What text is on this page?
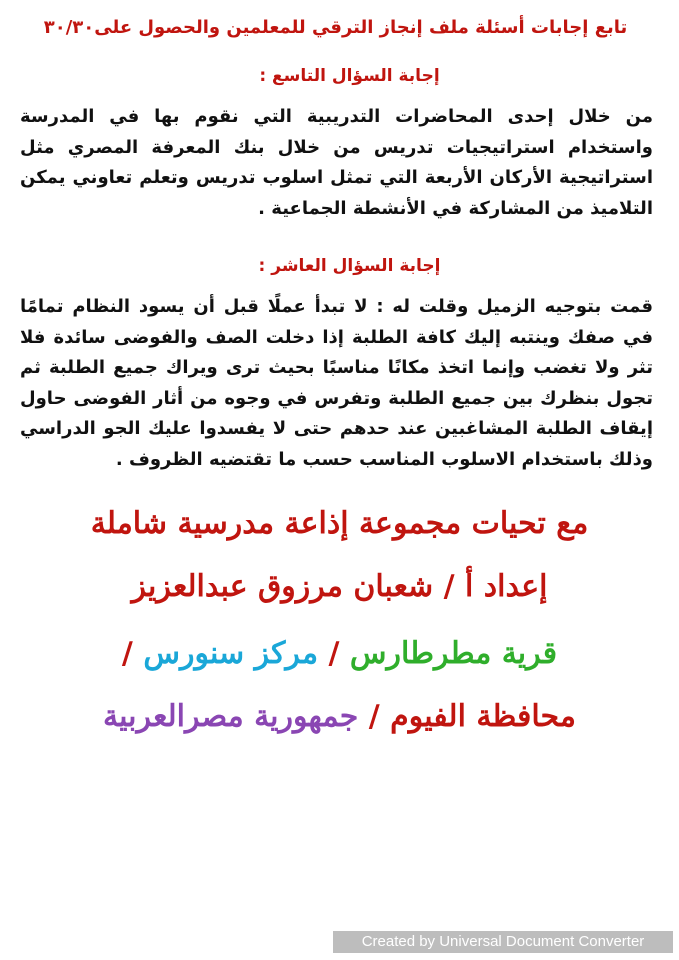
تابع إجابات أسئلة ملف إنجاز الترقي للمعلمين والحصول على٣٠/٣٠
إجابة السؤال التاسع :

من خلال إحدى المحاضرات التدريبية التي نقوم بها في المدرسة واستخدام استراتيجيات تدريس من خلال بنك المعرفة المصري مثل استراتيجية الأركان الأربعة التي تمثل اسلوب تدريس وتعلم تعاوني يمكن التلاميذ من المشاركة في الأنشطة الجماعية .

إجابة السؤال العاشر :

قمت بتوجيه الزميل وقلت له : لا تبدأ عملًا قبل أن يسود النظام تمامًا في صفك وينتبه إليك كافة الطلبة إذا دخلت الصف والفوضى سائدة فلا تثر ولا تغضب وإنما اتخذ مكانًا مناسبًا بحيث ترى ويراك جميع الطلبة ثم تجول بنظرك بين جميع الطلبة وتفرس في وجوه من أثار الفوضى حاول إيقاف الطلبة المشاغبين عند حدهم حتى لا يفسدوا عليك الجو الدراسي وذلك باستخدام الاسلوب المناسب حسب ما تقتضيه الظروف .

مع تحيات مجموعة إذاعة مدرسية شاملة
إعداد أ / شعبان مرزوق عبدالعزيز
قرية مطرطارس / مركز سنورس /
محافظة الفيوم / جمهورية مصرالعربية
Created by Universal Document Converter
